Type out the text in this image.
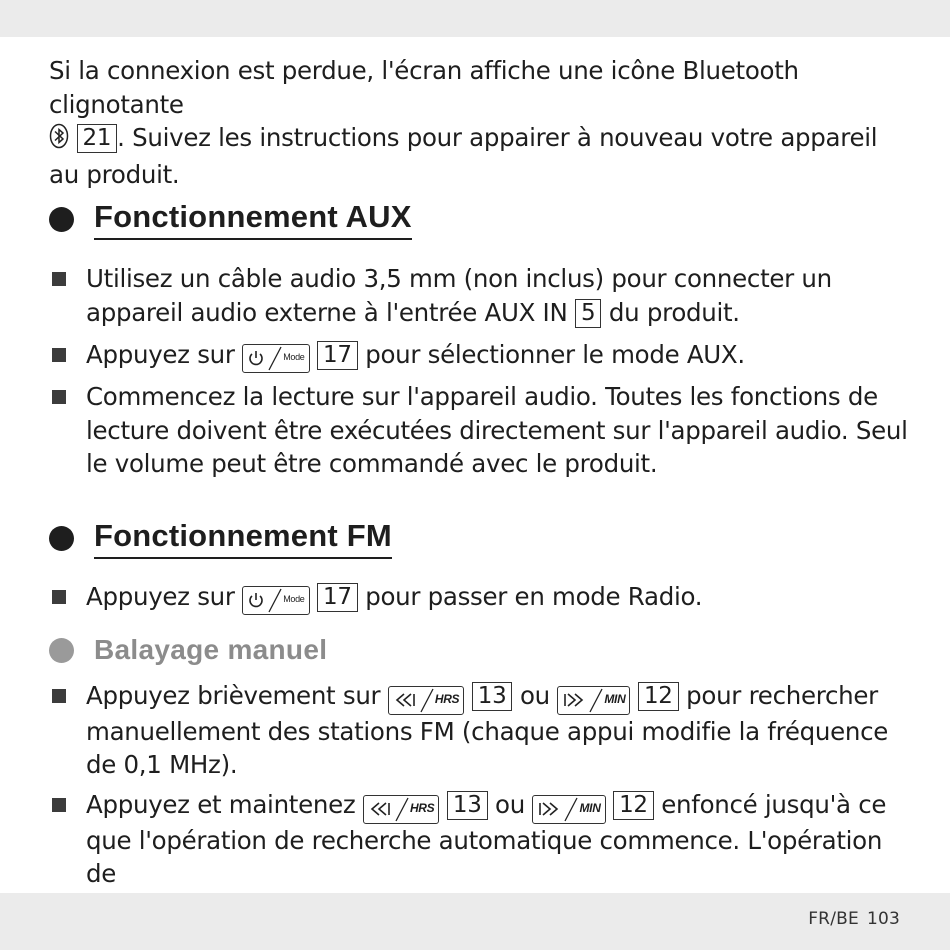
Si la connexion est perdue, l'écran affiche une icône Bluetooth clignotante
21 . Suivez les instructions pour appairer à nouveau votre appareil au produit.
Fonctionnement AUX
Utilisez un câble audio 3,5 mm (non inclus) pour connecter un appareil audio externe à l'entrée AUX IN 5 du produit.
Appuyez sur	Mode 17 pour sélectionner le mode AUX.
Commencez la lecture sur l'appareil audio. Toutes les fonctions de lecture doivent être exécutées directement sur l'appareil audio. Seul le volume peut être commandé avec le produit.
Fonctionnement FM
Appuyez sur	Mode 17 pour passer en mode Radio.
Balayage manuel
Appuyez brièvement sur	HRS 13 ou	MIN 12 pour rechercher manuellement des stations FM (chaque appui modifie la fréquence de 0,1 MHz).
Appuyez et maintenez	HRS 13 ou	MIN 12 enfoncé jusqu'à ce que l'opération de recherche automatique commence. L'opération de
FR/BE 103
